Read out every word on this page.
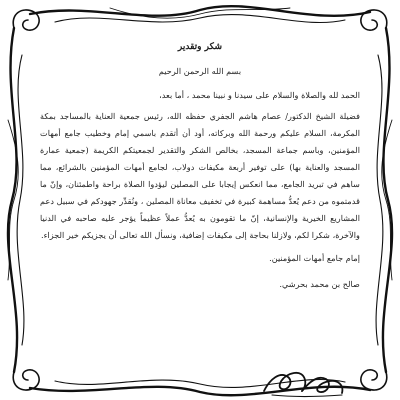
شكر وتقدير
بسم الله الرحمن الرحيم
الحمد لله والصلاة والسلام على سيدنا و نبينا محمد ، أما بعد،
فضيلة الشيخ الدكتور/ عصام هاشم الجفري حفظه الله، رئيس جمعية العناية بالمساجد بمكة المكرمة، السلام عليكم ورحمة الله وبركاته، أود أن أتقدم باسمي إمام وخطيب جامع أمهات المؤمنين، وباسم جماعة المسجد، بخالص الشكر والتقدير لجمعيتكم الكريمة (جمعية عمارة المسجد والعناية بها) على توفير أربعة مكيفات دولاب، لجامع أمهات المؤمنين بالشرائع، مما ساهم في تبريد الجامع، مما انعكس إيجابا على المصلين ليؤدوا الصلاة براحة واطمئنان، وإنّ ما قدمتموه من دعم يُعدُّ مساهمة كبيرة في تخفيف معاناة المصلين ، ونُقدِّر جهودكم في سبيل دعم المشاريع الخيرية والإنسانية، إنّ ما تقومون به يُعدُّ عملاً عظيماً يؤجر عليه صاحبه في الدنيا والآخرة، شكرا لكم، ولازلنا بحاجة إلى مكيفات إضافية، ونسأل الله تعالى أن يجزيكم خير الجزاء.
إمام جامع أمهات المؤمنين.
صالح بن محمد بحرشي.
